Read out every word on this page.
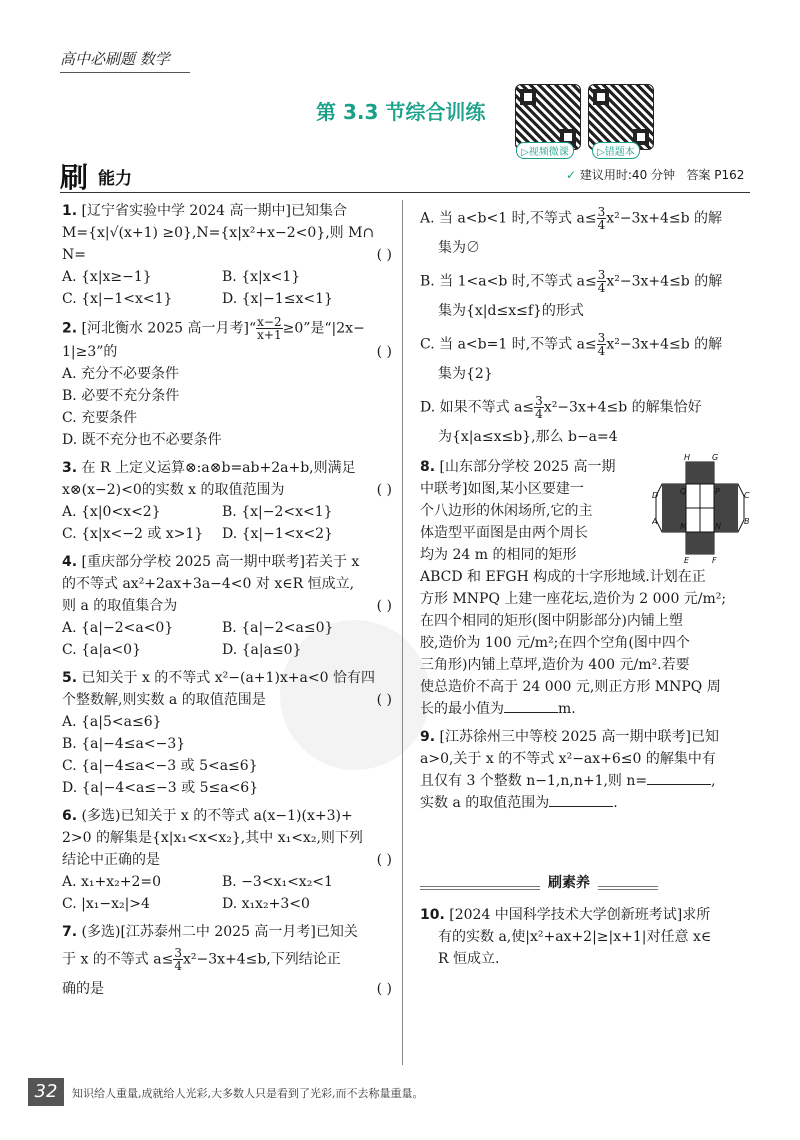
高中必刷题 数学
第 3.3 节综合训练
▷视频微课	▷错题本
刷 能力	✓ 建议用时:40 分钟 答案 P162
1. [辽宁省实验中学 2024 高一期中]已知集合
M={x|√(x+1) ≥0},N={x|x²+x−2<0},则 M∩
N=	( )
A. {x|x≥−1}	B. {x|x<1}
C. {x|−1<x<1}	D. {x|−1≤x<1}
2. [河北衡水 2025 高一月考]“ $\frac{x-2}{x+1} \ge 0$”是“|2x−
1|≥3”的	( )
A. 充分不必要条件
B. 必要不充分条件
C. 充要条件
D. 既不充分也不必要条件
3. 在 R 上定义运算⊗:a⊗b=ab+2a+b,则满足
x⊗(x−2)<0的实数 x 的取值范围为	( )
A. {x|0<x<2}	B. {x|−2<x<1}
C. {x|x<−2 或 x>1}	D. {x|−1<x<2}
4. [重庆部分学校 2025 高一期中联考]若关于 x
的不等式 ax²+2ax+3a−4<0 对 x∈R 恒成立,
则 a 的取值集合为	( )
A. {a|−2<a<0}	B. {a|−2<a≤0}
C. {a|a<0}	D. {a|a≤0}
5. 已知关于 x 的不等式 x²−(a+1)x+a<0 恰有四
个整数解,则实数 a 的取值范围是	( )
A. {a|5<a≤6}
B. {a|−4≤a<−3}
C. {a|−4≤a<−3 或 5<a≤6}
D. {a|−4<a≤−3 或 5≤a<6}
6. (多选)已知关于 x 的不等式 a(x−1)(x+3)+
2>0 的解集是{x|x₁<x<x₂},其中 x₁<x₂,则下列
结论中正确的是	( )
A. x₁+x₂+2=0	B. −3<x₁<x₂<1
C. |x₁−x₂|>4	D. x₁x₂+3<0
7. (多选)[江苏泰州二中 2025 高一月考]已知关
于 x 的不等式 $a\le \frac{3}{4} x^2-3x+4\le b$,下列结论正
确的是	( )
A. 当 a<b<1 时,不等式 $a\le \frac{3}{4} x^2-3x+4\le b$ 的解
集为∅
B. 当 1<a<b 时,不等式 $a\le \frac{3}{4} x^2-3x+4\le b$ 的解
集为{x|d≤x≤f}的形式
C. 当 a<b=1 时,不等式 $a\le \frac{3}{4} x^2-3x+4\le b$ 的解
集为{2}
D. 如果不等式 $a\le \frac{3}{4} x^2-3x+4\le b$ 的解集恰好
为{x|a≤x≤b},那么 b−a=4
8. [山东部分学校 2025 高一期
中联考]如图,某小区要建一
个八边形的休闲场所,它的主
体造型平面图是由两个周长
均为 24 m 的相同的矩形
ABCD 和 EFGH 构成的十字形地域.计划在正
方形 MNPQ 上建一座花坛,造价为 2 000 元/m²;
在四个相同的矩形(图中阴影部分)内铺上塑
胶,造价为 100 元/m²;在四个空角(图中四个
三角形)内铺上草坪,造价为 400 元/m².若要
使总造价不高于 24 000 元,则正方形 MNPQ 周
长的最小值为	m.
H	G
D	C
A	B
E	F
Q	P
M	N
9. [江苏徐州三中等校 2025 高一期中联考]已知
a>0,关于 x 的不等式 x²−ax+6≤0 的解集中有
且仅有 3 个整数 n−1,n,n+1,则 n=	,
实数 a 的取值范围为	.
刷素养
10. [2024 中国科学技术大学创新班考试]求所
有的实数 a,使|x²+ax+2|≥|x+1|对任意 x∈
R 恒成立.
32	知识给人重量,成就给人光彩,大多数人只是看到了光彩,而不去称量重量。
